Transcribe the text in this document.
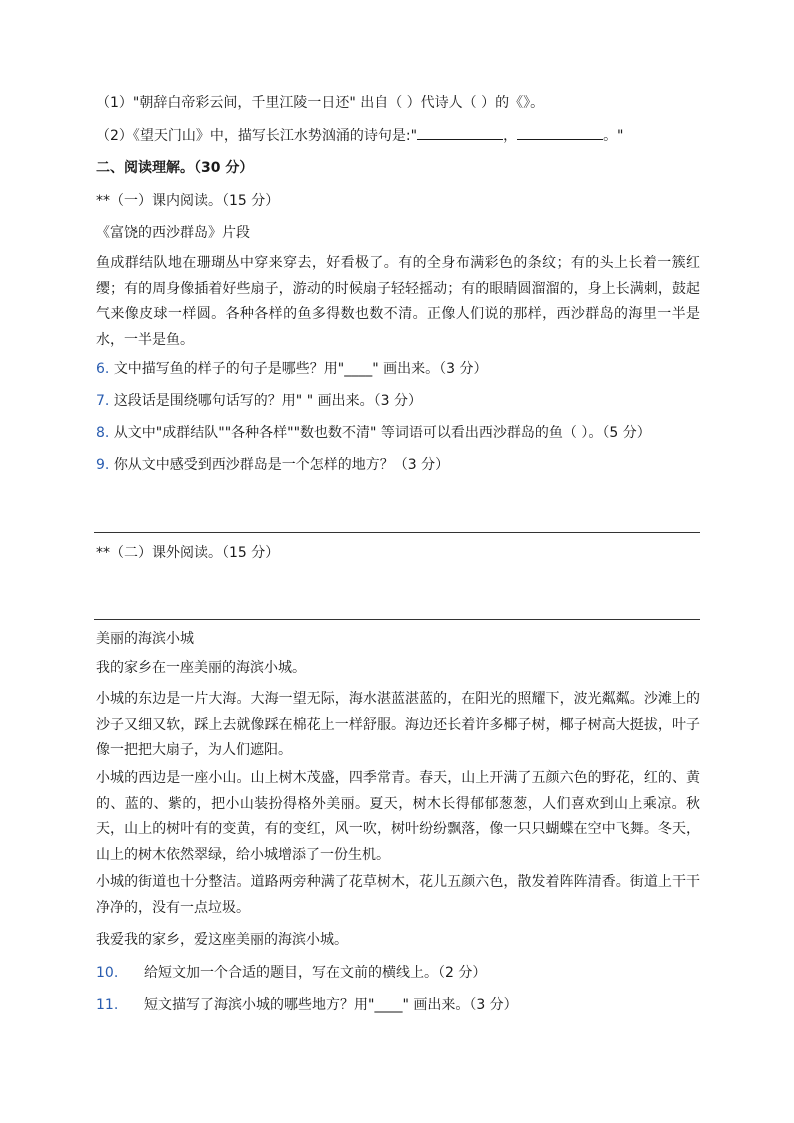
（1）"朝辞白帝彩云间，千里江陵一日还" 出自（ ）代诗人（ ）的《》。
（2）《望天门山》中，描写长江水势汹涌的诗句是:"	，	。"
二、阅读理解。（30 分）
**（一）课内阅读。（15 分）
《富饶的西沙群岛》片段
鱼成群结队地在珊瑚丛中穿来穿去，好看极了。有的全身布满彩色的条纹；有的头上长着一簇红缨；有的周身像插着好些扇子，游动的时候扇子轻轻摇动；有的眼睛圆溜溜的，身上长满刺，鼓起气来像皮球一样圆。各种各样的鱼多得数也数不清。正像人们说的那样，西沙群岛的海里一半是水，一半是鱼。
6. 文中描写鱼的样子的句子是哪些？用"____" 画出来。（3 分）
7. 这段话是围绕哪句话写的？用" " 画出来。（3 分）
8. 从文中"成群结队""各种各样""数也数不清" 等词语可以看出西沙群岛的鱼（ ）。（5 分）
9. 你从文中感受到西沙群岛是一个怎样的地方？（3 分）
**（二）课外阅读。（15 分）
美丽的海滨小城
我的家乡在一座美丽的海滨小城。
小城的东边是一片大海。大海一望无际，海水湛蓝湛蓝的，在阳光的照耀下，波光粼粼。沙滩上的沙子又细又软，踩上去就像踩在棉花上一样舒服。海边还长着许多椰子树，椰子树高大挺拔，叶子像一把把大扇子，为人们遮阳。
小城的西边是一座小山。山上树木茂盛，四季常青。春天，山上开满了五颜六色的野花，红的、黄的、蓝的、紫的，把小山装扮得格外美丽。夏天，树木长得郁郁葱葱，人们喜欢到山上乘凉。秋天，山上的树叶有的变黄，有的变红，风一吹，树叶纷纷飘落，像一只只蝴蝶在空中飞舞。冬天，山上的树木依然翠绿，给小城增添了一份生机。
小城的街道也十分整洁。道路两旁种满了花草树木，花儿五颜六色，散发着阵阵清香。街道上干干净净的，没有一点垃圾。
我爱我的家乡，爱这座美丽的海滨小城。
10. 给短文加一个合适的题目，写在文前的横线上。（2 分）
11. 短文描写了海滨小城的哪些地方？用"____" 画出来。（3 分）
